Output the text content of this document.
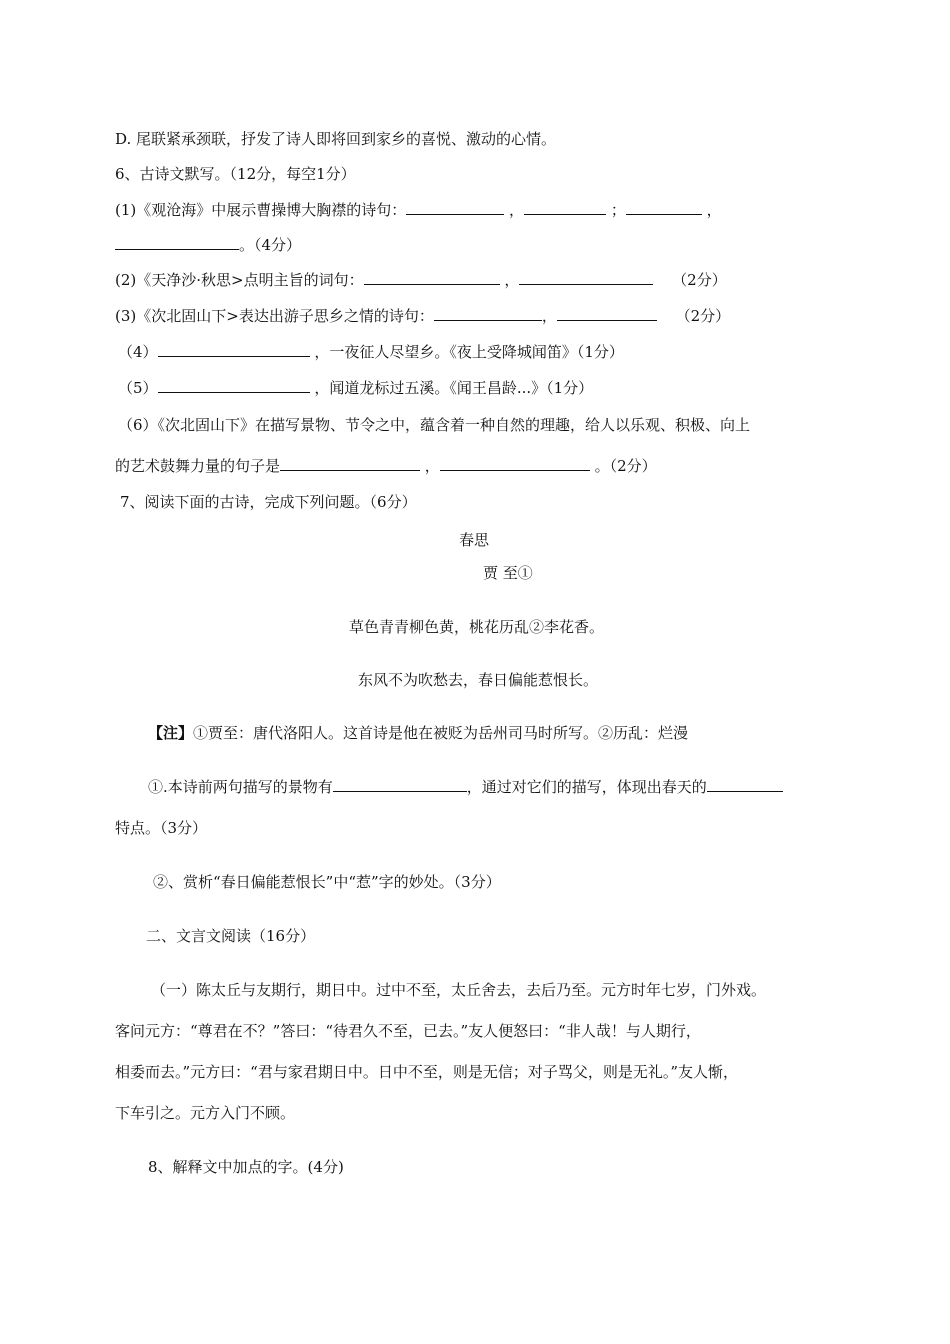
D. 尾联紧承颈联，抒发了诗人即将回到家乡的喜悦、激动的心情。
6、古诗文默写。（12分，每空1分）
(1)《观沧海》中展示曹操博大胸襟的诗句：	，	；	，
。（4分）
(2)《天净沙·秋思>点明主旨的词句：	，	（2分）
(3)《次北固山下>表达出游子思乡之情的诗句：	，	（2分）
（4）	，一夜征人尽望乡。《夜上受降城闻笛》（1分）
（5）	，闻道龙标过五溪。《闻王昌龄...》（1分）
（6）《次北固山下》在描写景物、节令之中，蕴含着一种自然的理趣，给人以乐观、积极、向上
的艺术鼓舞力量的句子是	，	。（2分）
7、阅读下面的古诗，完成下列问题。（6分）
春思
贾 至①
草色青青柳色黄，桃花历乱②李花香。
东风不为吹愁去，春日偏能惹恨长。
【注】①贾至：唐代洛阳人。这首诗是他在被贬为岳州司马时所写。②历乱：烂漫
①.本诗前两句描写的景物有	，通过对它们的描写，体现出春天的
特点。（3分）
②、赏析“春日偏能惹恨长”中“惹”字的妙处。（3分）
二、文言文阅读（16分）
（一）陈太丘与友期行，期日中。过中不至，太丘舍去，去后乃至。元方时年七岁，门外戏。
客问元方：“尊君在不？”答曰：“待君久不至，已去。”友人便怒曰：“非人哉！与人期行，
相委而去。”元方曰：“君与家君期日中。日中不至，则是无信；对子骂父，则是无礼。”友人惭，
下车引之。元方入门不顾。
8、解释文中加点的字。(4分)
